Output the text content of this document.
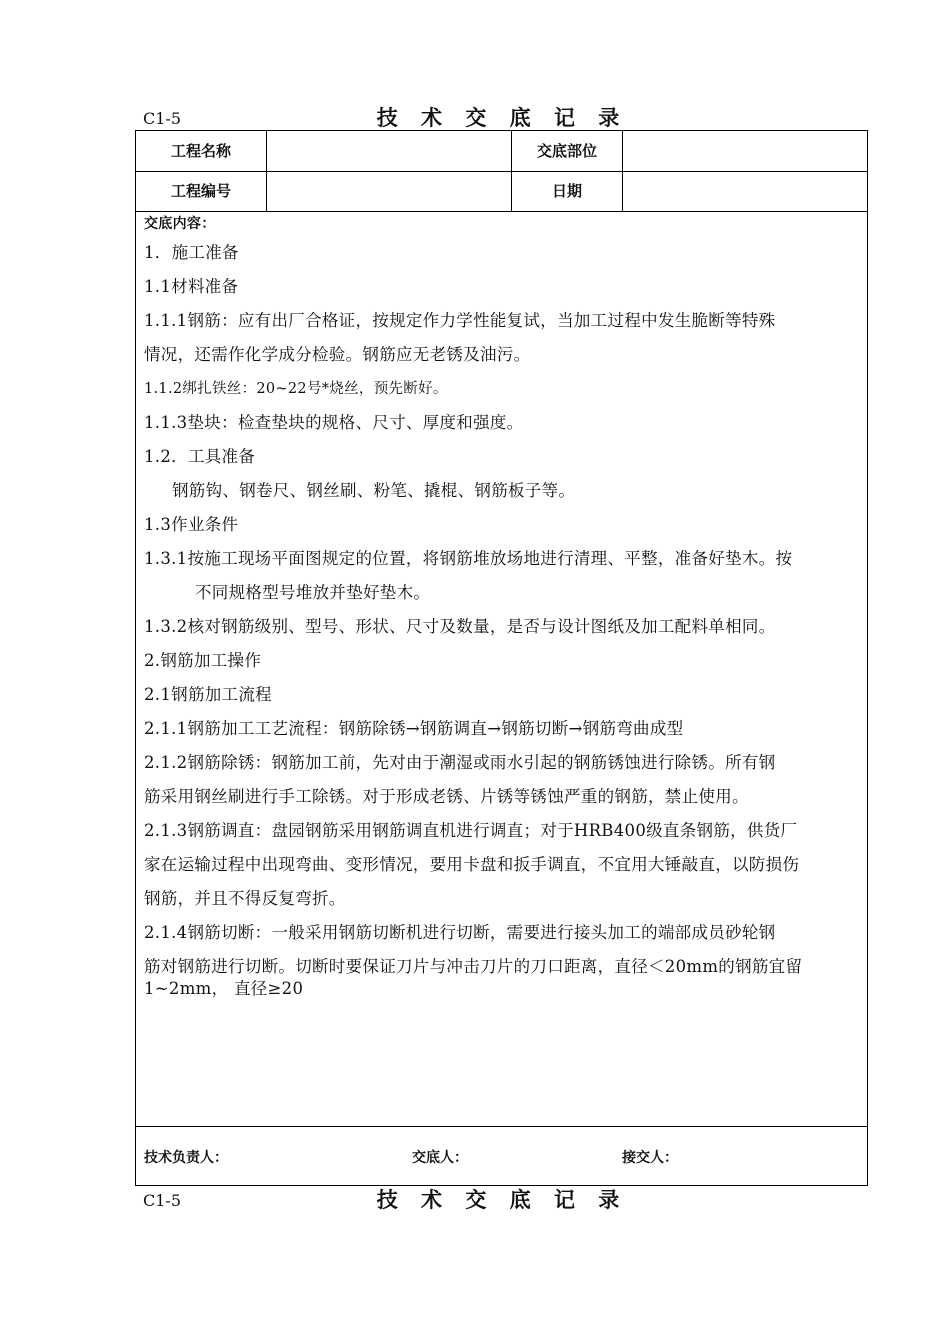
C1-5	技 术 交 底 记 录
工程名称	交底部位
工程编号	日期
交底内容：

1．施工准备

1.1材料准备

1.1.1钢筋：应有出厂合格证，按规定作力学性能复试，当加工过程中发生脆断等特殊

情况，还需作化学成分检验。钢筋应无老锈及油污。

1.1.2绑扎铁丝：20~22号*烧丝，预先断好。

1.1.3垫块：检查垫块的规格、尺寸、厚度和强度。

1.2．工具准备

钢筋钩、钢卷尺、钢丝刷、粉笔、撬棍、钢筋板子等。

1.3作业条件

1.3.1按施工现场平面图规定的位置，将钢筋堆放场地进行清理、平整，准备好垫木。按

不同规格型号堆放并垫好垫木。

1.3.2核对钢筋级别、型号、形状、尺寸及数量，是否与设计图纸及加工配料单相同。

2.钢筋加工操作

2.1钢筋加工流程

2.1.1钢筋加工工艺流程：钢筋除锈→钢筋调直→钢筋切断→钢筋弯曲成型

2.1.2钢筋除锈：钢筋加工前，先对由于潮湿或雨水引起的钢筋锈蚀进行除锈。所有钢

筋采用钢丝刷进行手工除锈。对于形成老锈、片锈等锈蚀严重的钢筋，禁止使用。

2.1.3钢筋调直：盘园钢筋采用钢筋调直机进行调直；对于HRB400级直条钢筋，供货厂

家在运输过程中出现弯曲、变形情况，要用卡盘和扳手调直，不宜用大锤敲直，以防损伤

钢筋，并且不得反复弯折。

2.1.4钢筋切断：一般采用钢筋切断机进行切断，需要进行接头加工的端部成员砂轮钢

筋对钢筋进行切断。切断时要保证刀片与冲击刀片的刀口距离，直径＜20mm的钢筋宜留

1~2mm， 直径≥20

技术负责人：	交底人：	接交人：
C1-5	技 术 交 底 记 录
